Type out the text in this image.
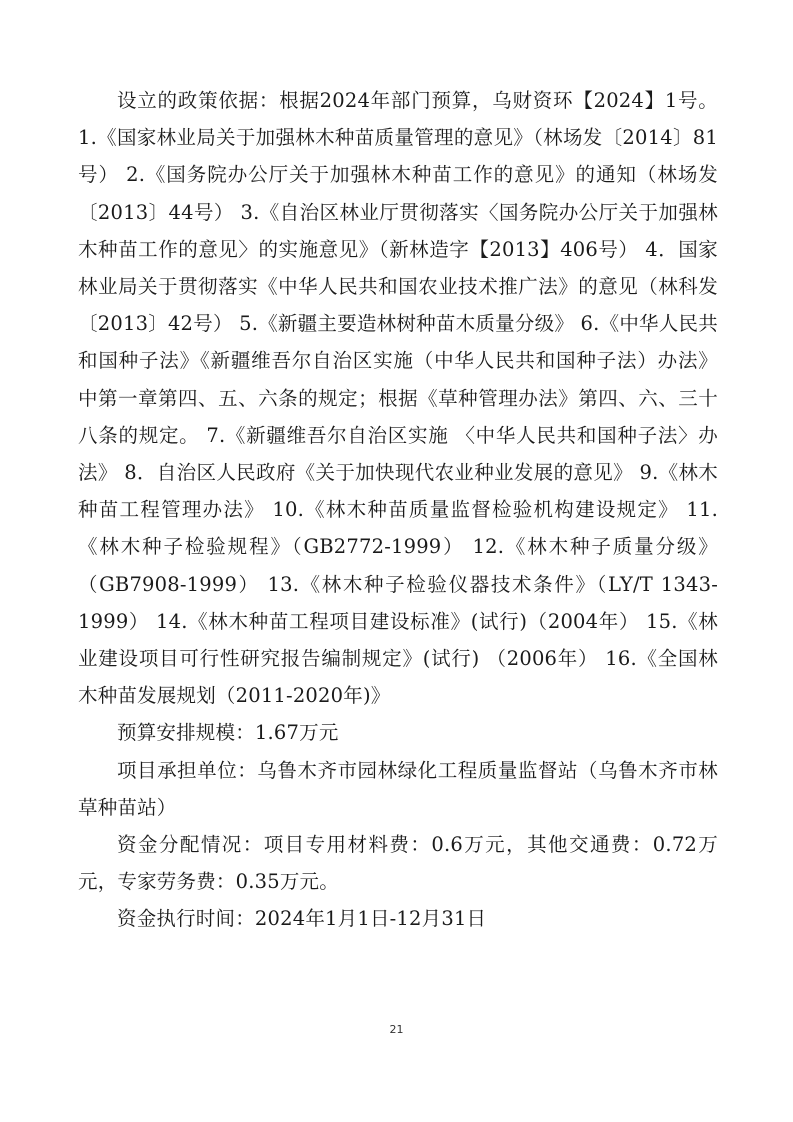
设立的政策依据：根据2024年部门预算，乌财资环【2024】1号。1.《国家林业局关于加强林木种苗质量管理的意见》（林场发〔2014〕81号） 2.《国务院办公厅关于加强林木种苗工作的意见》的通知（林场发〔2013〕44号） 3.《自治区林业厅贯彻落实〈国务院办公厅关于加强林木种苗工作的意见〉的实施意见》（新林造字【2013】406号） 4．国家林业局关于贯彻落实《中华人民共和国农业技术推广法》的意见（林科发〔2013〕42号） 5.《新疆主要造林树种苗木质量分级》 6.《中华人民共和国种子法》《新疆维吾尔自治区实施（中华人民共和国种子法）办法》中第一章第四、五、六条的规定；根据《草种管理办法》第四、六、三十八条的规定。 7.《新疆维吾尔自治区实施 〈中华人民共和国种子法〉办法》 8．自治区人民政府《关于加快现代农业种业发展的意见》 9.《林木种苗工程管理办法》 10.《林木种苗质量监督检验机构建设规定》 11.《林木种子检验规程》（GB2772-1999） 12.《林木种子质量分级》（GB7908-1999） 13.《林木种子检验仪器技术条件》（LY/T 1343-1999） 14.《林木种苗工程项目建设标准》(试行)（2004年） 15.《林业建设项目可行性研究报告编制规定》(试行) （2006年） 16.《全国林木种苗发展规划（2011-2020年)》

预算安排规模：1.67万元

项目承担单位：乌鲁木齐市园林绿化工程质量监督站（乌鲁木齐市林草种苗站）

资金分配情况：项目专用材料费：0.6万元，其他交通费：0.72万元，专家劳务费：0.35万元。

资金执行时间：2024年1月1日-12月31日

21
